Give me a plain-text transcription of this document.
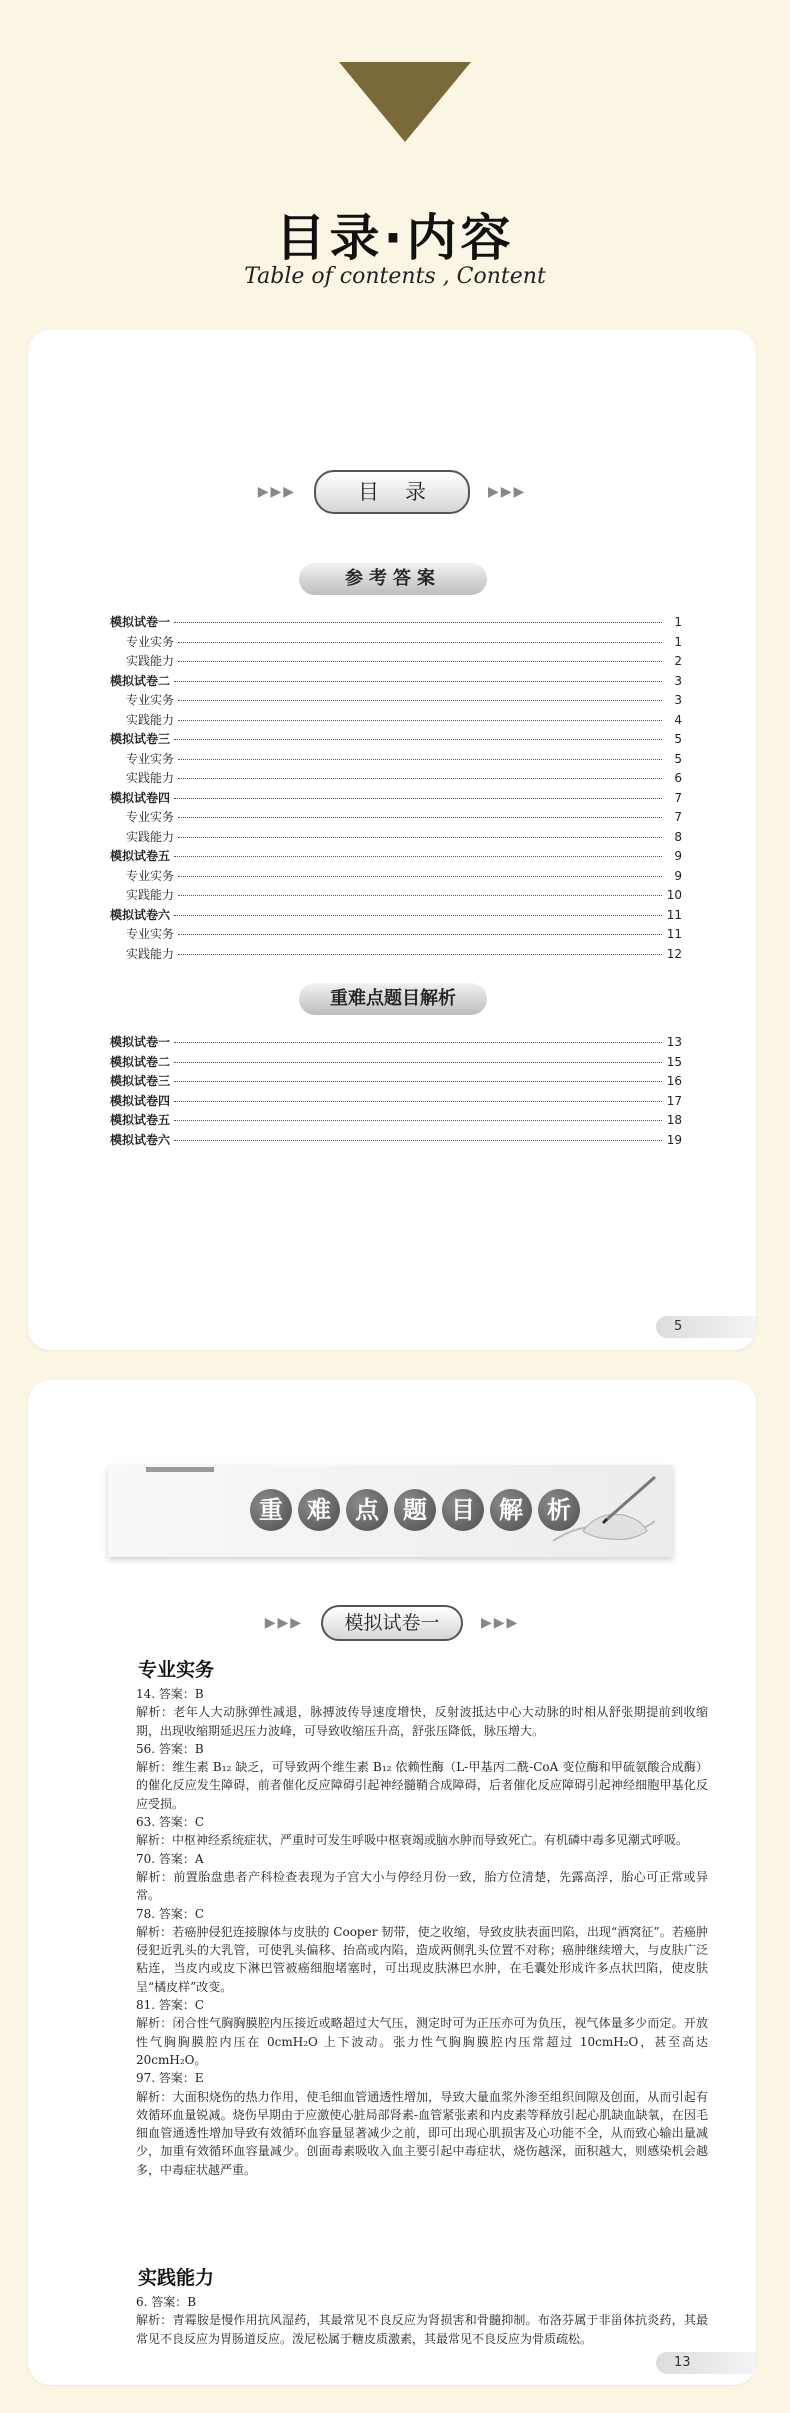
目录·内容
Table of contents , Content
▶▶▶	目录	▶▶▶
参考答案
模拟试卷一	1
专业实务	1
实践能力	2
模拟试卷二	3
专业实务	3
实践能力	4
模拟试卷三	5
专业实务	5
实践能力	6
模拟试卷四	7
专业实务	7
实践能力	8
模拟试卷五	9
专业实务	9
实践能力	10
模拟试卷六	11
专业实务	11
实践能力	12
重难点题目解析
模拟试卷一	13
模拟试卷二	15
模拟试卷三	16
模拟试卷四	17
模拟试卷五	18
模拟试卷六	19
5
重	难	点	题	目	解	析
▶▶▶	模拟试卷一	▶▶▶
专业实务
14. 答案：B
解析：老年人大动脉弹性减退，脉搏波传导速度增快，反射波抵达中心大动脉的时相从舒张期提前到收缩期，出现收缩期延迟压力波峰，可导致收缩压升高，舒张压降低，脉压增大。
56. 答案：B
解析：维生素 B₁₂ 缺乏，可导致两个维生素 B₁₂ 依赖性酶（L-甲基丙二酰-CoA 变位酶和甲硫氨酸合成酶）的催化反应发生障碍，前者催化反应障碍引起神经髓鞘合成障碍，后者催化反应障碍引起神经细胞甲基化反应受损。
63. 答案：C
解析：中枢神经系统症状，严重时可发生呼吸中枢衰竭或脑水肿而导致死亡。有机磷中毒多见潮式呼吸。
70. 答案：A
解析：前置胎盘患者产科检查表现为子宫大小与停经月份一致，胎方位清楚，先露高浮，胎心可正常或异常。
78. 答案：C
解析：若癌肿侵犯连接腺体与皮肤的 Cooper 韧带，使之收缩，导致皮肤表面凹陷，出现“酒窝征”。若癌肿侵犯近乳头的大乳管，可使乳头偏移、抬高或内陷，造成两侧乳头位置不对称；癌肿继续增大，与皮肤广泛粘连，当皮内或皮下淋巴管被癌细胞堵塞时，可出现皮肤淋巴水肿，在毛囊处形成许多点状凹陷，使皮肤呈“橘皮样”改变。
81. 答案：C
解析：闭合性气胸胸膜腔内压接近或略超过大气压，测定时可为正压亦可为负压，视气体量多少而定。开放性气胸胸膜腔内压在 0cmH₂O 上下波动。张力性气胸胸膜腔内压常超过 10cmH₂O，甚至高达 20cmH₂O。
97. 答案：E
解析：大面积烧伤的热力作用，使毛细血管通透性增加，导致大量血浆外渗至组织间隙及创面，从而引起有效循环血量锐减。烧伤早期由于应激使心脏局部肾素-血管紧张素和内皮素等释放引起心肌缺血缺氧，在因毛细血管通透性增加导致有效循环血容量显著减少之前，即可出现心肌损害及心功能不全，从而致心输出量减少，加重有效循环血容量减少。创面毒素吸收入血主要引起中毒症状，烧伤越深，面积越大，则感染机会越多，中毒症状越严重。
实践能力
6. 答案：B
解析：青霉胺是慢作用抗风湿药，其最常见不良反应为肾损害和骨髓抑制。布洛芬属于非甾体抗炎药，其最常见不良反应为胃肠道反应。泼尼松属于糖皮质激素，其最常见不良反应为骨质疏松。
13
